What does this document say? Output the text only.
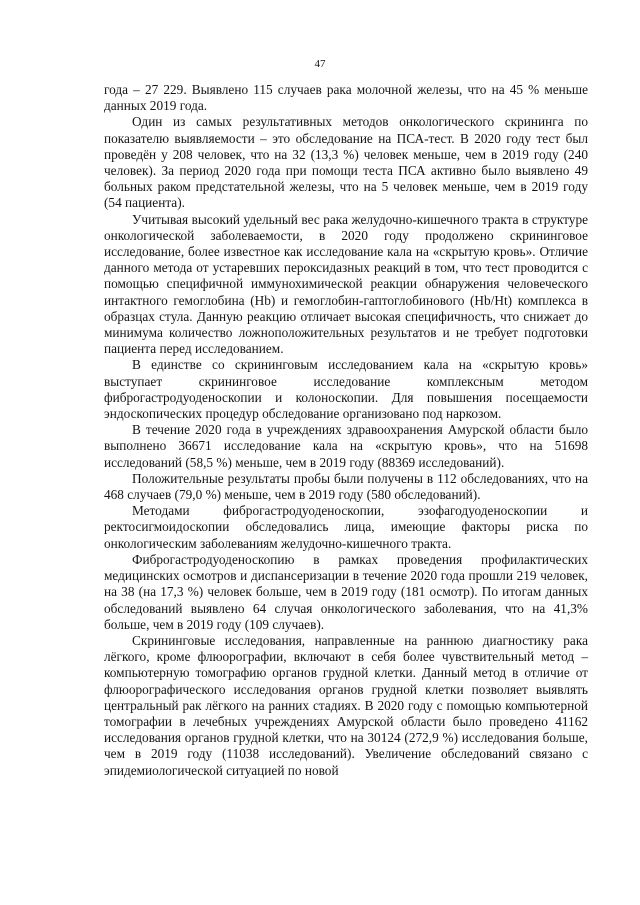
47

года – 27 229. Выявлено 115 случаев рака молочной железы, что на 45 % меньше данных 2019 года.

Один из самых результативных методов онкологического скрининга по показателю выявляемости – это обследование на ПСА-тест. В 2020 году тест был проведён у 208 человек, что на 32 (13,3 %) человек меньше, чем в 2019 году (240 человек). За период 2020 года при помощи теста ПСА активно было выявлено 49 больных раком предстательной железы, что на 5 человек меньше, чем в 2019 году (54 пациента).

Учитывая высокий удельный вес рака желудочно-кишечного тракта в структуре онкологической заболеваемости, в 2020 году продолжено скрининговое исследование, более известное как исследование кала на «скрытую кровь». Отличие данного метода от устаревших пероксидазных реакций в том, что тест проводится с помощью специфичной иммунохимической реакции обнаружения человеческого интактного гемоглобина (Hb) и гемоглобин-гаптоглобинового (Hb/Ht) комплекса в образцах стула. Данную реакцию отличает высокая специфичность, что снижает до минимума количество ложноположительных результатов и не требует подготовки пациента перед исследованием.

В единстве со скрининговым исследованием кала на «скрытую кровь» выступает скрининговое исследование комплексным методом фиброгастродуоденоскопии и колоноскопии. Для повышения посещаемости эндоскопических процедур обследование организовано под наркозом.

В течение 2020 года в учреждениях здравоохранения Амурской области было выполнено 36671 исследование кала на «скрытую кровь», что на 51698 исследований (58,5 %) меньше, чем в 2019 году (88369 исследований).

Положительные результаты пробы были получены в 112 обследованиях, что на 468 случаев (79,0 %) меньше, чем в 2019 году (580 обследований).

Методами фиброгастродуоденоскопии, эзофагодуоденоскопии и ректосигмоидоскопии обследовались лица, имеющие факторы риска по онкологическим заболеваниям желудочно-кишечного тракта.

Фиброгастродуоденоскопию в рамках проведения профилактических медицинских осмотров и диспансеризации в течение 2020 года прошли 219 человек, на 38 (на 17,3 %) человек больше, чем в 2019 году (181 осмотр). По итогам данных обследований выявлено 64 случая онкологического заболевания, что на 41,3% больше, чем в 2019 году (109 случаев).

Скрининговые исследования, направленные на раннюю диагностику рака лёгкого, кроме флюорографии, включают в себя более чувствительный метод – компьютерную томографию органов грудной клетки. Данный метод в отличие от флюорографического исследования органов грудной клетки позволяет выявлять центральный рак лёгкого на ранних стадиях. В 2020 году с помощью компьютерной томографии в лечебных учреждениях Амурской области было проведено 41162 исследования органов грудной клетки, что на 30124 (272,9 %) исследования больше, чем в 2019 году (11038 исследований). Увеличение обследований связано с эпидемиологической ситуацией по новой
